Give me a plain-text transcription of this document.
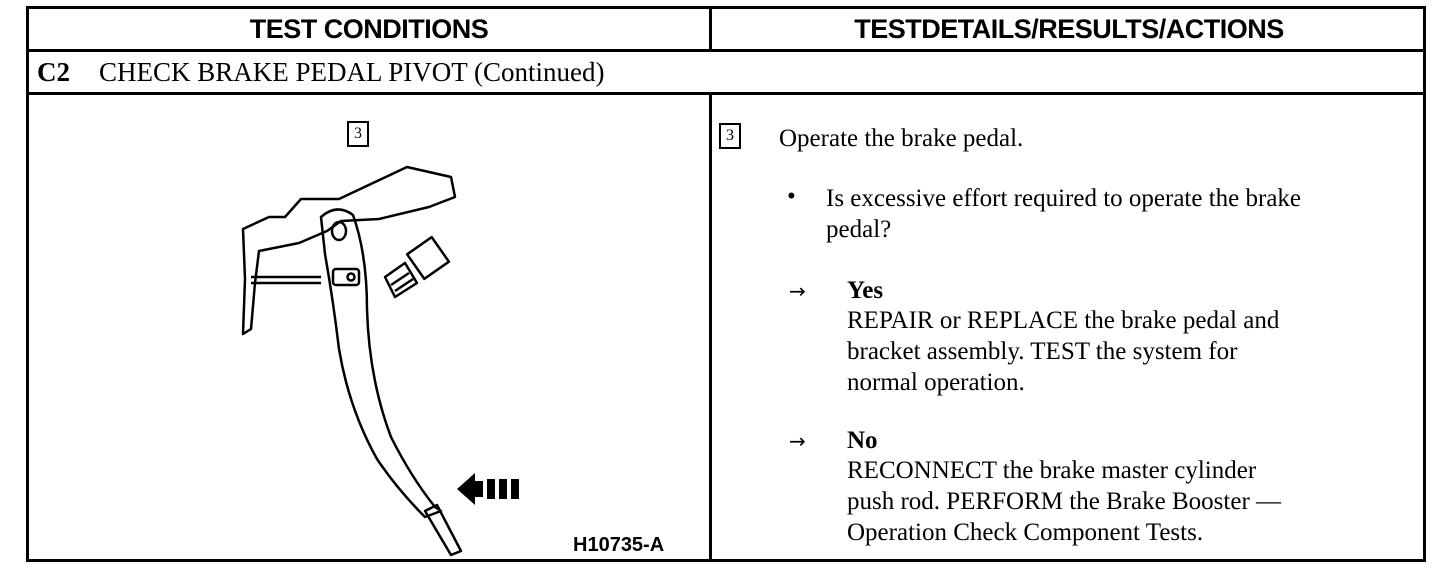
TEST CONDITIONS	TESTDETAILS/RESULTS/ACTIONS
C2	CHECK BRAKE PEDAL PIVOT (Continued)
3
H10735-A
3 Operate the brake pedal.
• Is excessive effort required to operate the brake
pedal?
→ Yes
REPAIR or REPLACE the brake pedal and
bracket assembly. TEST the system for
normal operation.
→ No
RECONNECT the brake master cylinder
push rod. PERFORM the Brake Booster —
Operation Check Component Tests.
